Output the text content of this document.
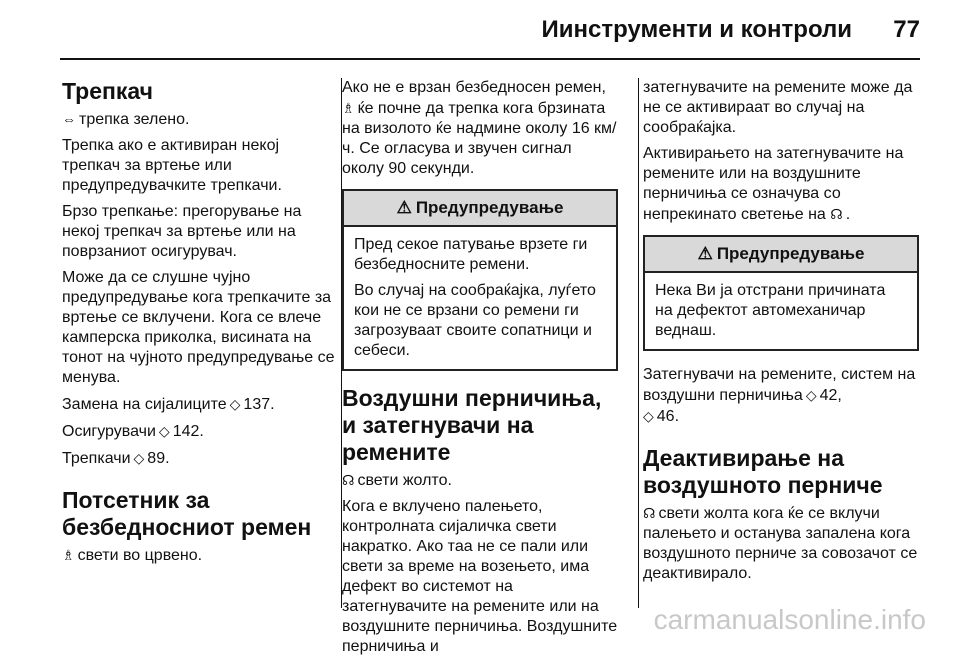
Иинструменти и контроли 77
Трепкач

⇔ трепка зелено.

Трепка ако е активиран некој трепкач за вртење или предупредувачките трепкачи.

Брзо трепкање: прегорување на некој трепкач за вртење или на поврзаниот осигурувач.

Може да се слушне чујно предупредување кога трепкачите за вртење се вклучени. Кога се влече камперска приколка, висината на тонот на чујното предупредување се менува.

Замена на сијалиците ◇ 137.

Осигурувачи ◇ 142.

Трепкачи ◇ 89.

Потсетник за безбедносниот ремен

♗ свети во црвено.

Ако не е врзан безбедносен ремен, ♗ ќе почне да трепка кога брзината на визолото ќе надмине околу 16 км/ч. Се огласува и звучен сигнал околу 90 секунди.

⚠ Предупредување

Пред секое патување врзете ги безбедносните ремени.

Во случај на сообраќајка, луѓето кои не се врзани со ремени ги загрозуваат своите сопатници и себеси.

Воздушни перничиња, и затегнувачи на ремените

☊ свети жолто.

Кога е вклучено палењето, контролната сијаличка свети накратко. Ако таа не се пали или свети за време на возењето, има дефект во системот на затегнувачите на ремените или на воздушните перничиња. Воздушните перничиња и

затегнувачите на ремените може да не се активираат во случај на сообраќајка.

Активирањето на затегнувачите на ремените или на воздушните перничиња се означува со непрекинато светење на ☊ .

⚠ Предупредување

Нека Ви ја отстрани причината на дефектот автомеханичар веднаш.

Затегнувачи на ремените, систем на воздушни перничиња ◇ 42,
◇ 46.

Деактивирање на воздушното перниче

☊ свети жолта кога ќе се вклучи палењето и останува запалена кога воздушното перниче за совозачот се деактивирало.

carmanualsonline.info
